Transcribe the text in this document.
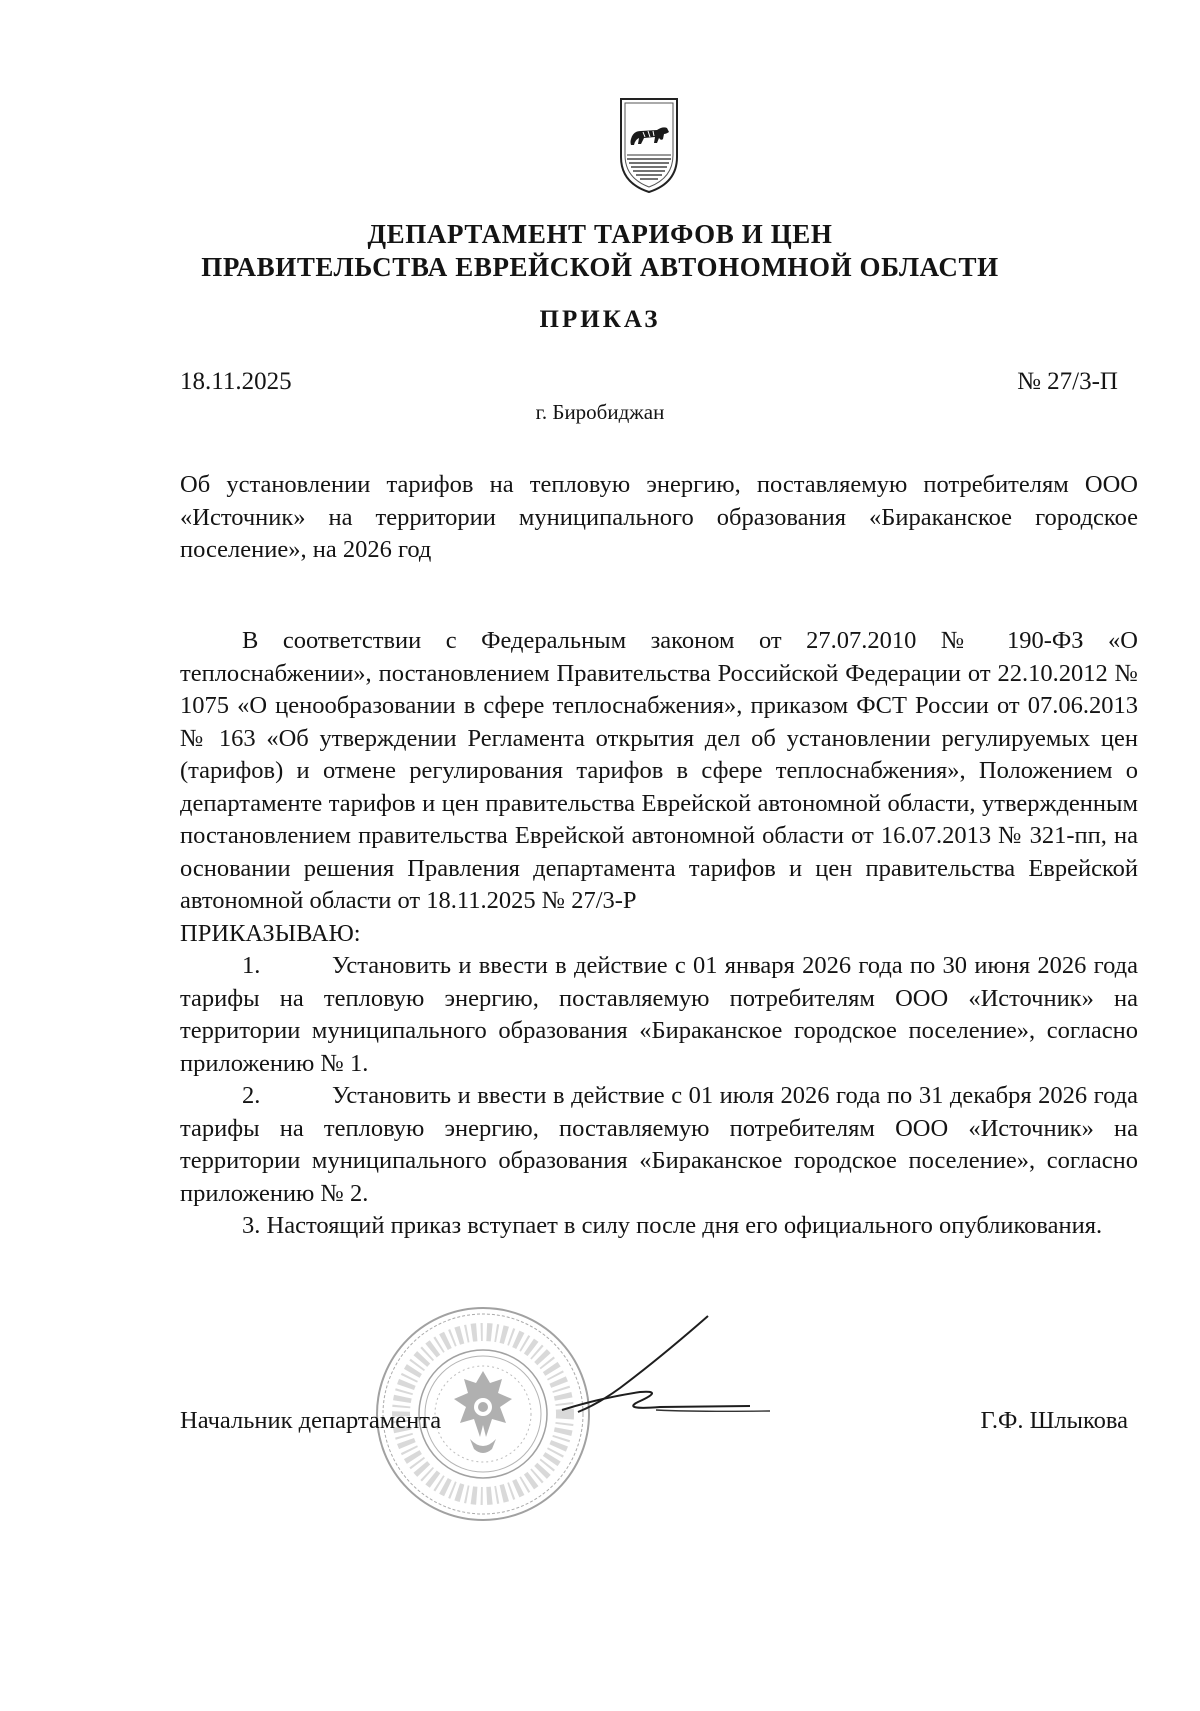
ДЕПАРТАМЕНТ ТАРИФОВ И ЦЕН
ПРАВИТЕЛЬСТВА ЕВРЕЙСКОЙ АВТОНОМНОЙ ОБЛАСТИ
ПРИКАЗ
18.11.2025	№ 27/3-П
г. Биробиджан
Об установлении тарифов на тепловую энергию, поставляемую потребителям ООО «Источник» на территории муниципального образования «Бираканское городское поселение», на 2026 год

В соответствии с Федеральным законом от 27.07.2010 № 190-ФЗ «О теплоснабжении», постановлением Правительства Российской Федерации от 22.10.2012 № 1075 «О ценообразовании в сфере теплоснабжения», приказом ФСТ России от 07.06.2013 № 163 «Об утверждении Регламента открытия дел об установлении регулируемых цен (тарифов) и отмене регулирования тарифов в сфере теплоснабжения», Положением о департаменте тарифов и цен правительства Еврейской автономной области, утвержденным постановлением правительства Еврейской автономной области от 16.07.2013 № 321-пп, на основании решения Правления департамента тарифов и цен правительства Еврейской автономной области от 18.11.2025 № 27/3-Р

ПРИКАЗЫВАЮ:

1.	Установить и ввести в действие с 01 января 2026 года по 30 июня 2026 года тарифы на тепловую энергию, поставляемую потребителям ООО «Источник» на территории муниципального образования «Бираканское городское поселение», согласно приложению № 1.

2.	Установить и ввести в действие с 01 июля 2026 года по 31 декабря 2026 года тарифы на тепловую энергию, поставляемую потребителям ООО «Источник» на территории муниципального образования «Бираканское городское поселение», согласно приложению № 2.

3. Настоящий приказ вступает в силу после дня его официального опубликования.

Начальник департамента	Г.Ф. Шлыкова
